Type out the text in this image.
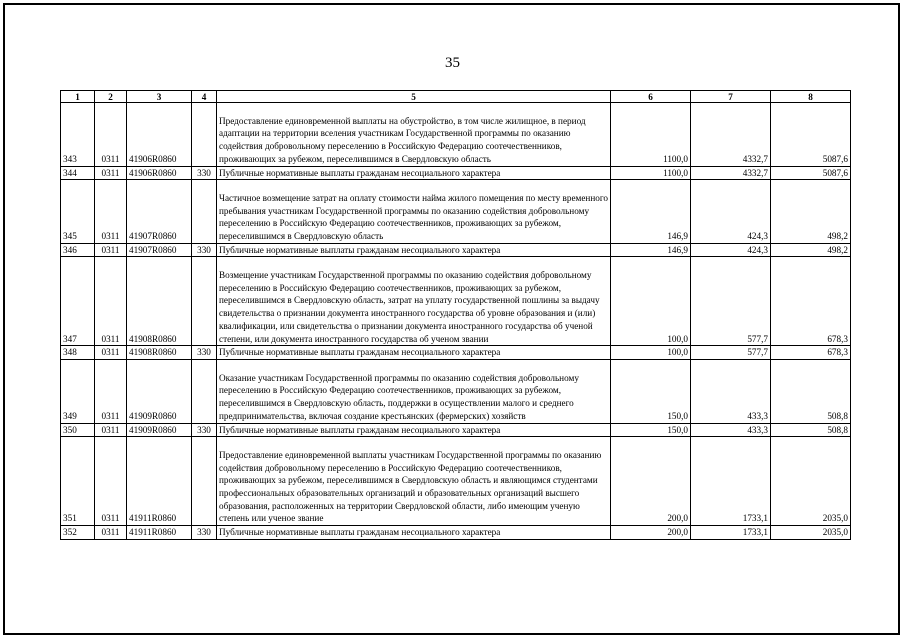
35
1	2	3	4	5	6	7	8
343	0311	41906R0860		Предоставление единовременной выплаты на обустройство, в том числе жилищное, в период адаптации на территории вселения участникам Государственной программы по оказанию содействия добровольному переселению в Российскую Федерацию соотечественников, проживающих за рубежом, переселившимся в Свердловскую область	1100,0	4332,7	5087,6
344	0311	41906R0860	330	Публичные нормативные выплаты гражданам несоциального характера	1100,0	4332,7	5087,6
345	0311	41907R0860		Частичное возмещение затрат на оплату стоимости найма жилого помещения по месту временного пребывания участникам Государственной программы по оказанию содействия добровольному переселению в Российскую Федерацию соотечественников, проживающих за рубежом, переселившимся в Свердловскую область	146,9	424,3	498,2
346	0311	41907R0860	330	Публичные нормативные выплаты гражданам несоциального характера	146,9	424,3	498,2
347	0311	41908R0860		Возмещение участникам Государственной программы по оказанию содействия добровольному переселению в Российскую Федерацию соотечественников, проживающих за рубежом, переселившимся в Свердловскую область, затрат на уплату государственной пошлины за выдачу свидетельства о признании документа иностранного государства об уровне образования и (или) квалификации, или свидетельства о признании документа иностранного государства об ученой степени, или документа иностранного государства об ученом звании	100,0	577,7	678,3
348	0311	41908R0860	330	Публичные нормативные выплаты гражданам несоциального характера	100,0	577,7	678,3
349	0311	41909R0860		Оказание участникам Государственной программы по оказанию содействия добровольному переселению в Российскую Федерацию соотечественников, проживающих за рубежом, переселившимся в Свердловскую область, поддержки в осуществлении малого и среднего предпринимательства, включая создание крестьянских (фермерских) хозяйств	150,0	433,3	508,8
350	0311	41909R0860	330	Публичные нормативные выплаты гражданам несоциального характера	150,0	433,3	508,8
351	0311	41911R0860		Предоставление единовременной выплаты участникам Государственной программы по оказанию содействия добровольному переселению в Российскую Федерацию соотечественников, проживающих за рубежом, переселившимся в Свердловскую область и являющимся студентами профессиональных образовательных организаций и образовательных организаций высшего образования, расположенных на территории Свердловской области, либо имеющим ученую степень или ученое звание	200,0	1733,1	2035,0
352	0311	41911R0860	330	Публичные нормативные выплаты гражданам несоциального характера	200,0	1733,1	2035,0
